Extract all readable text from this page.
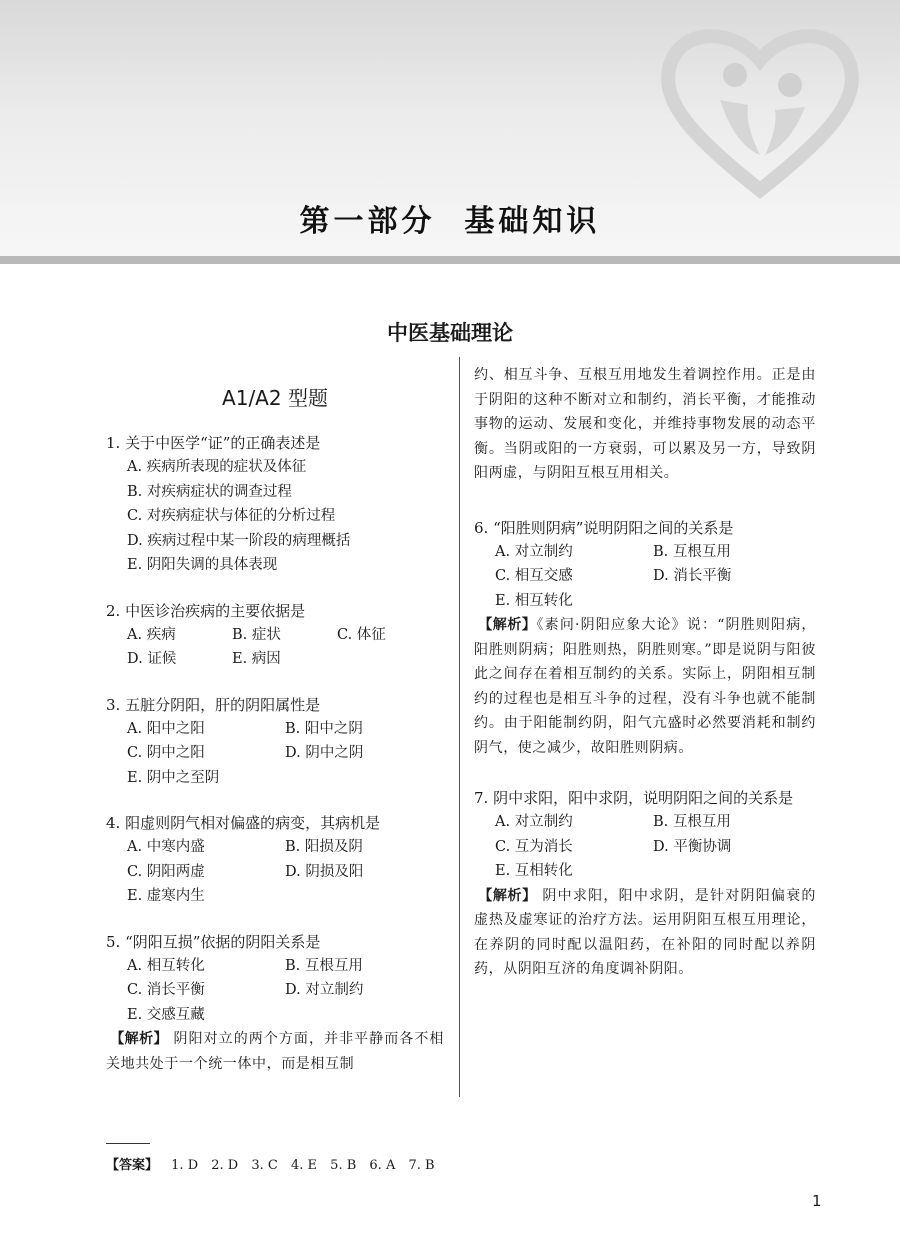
第一部分  基础知识
中医基础理论
A1/A2 型题
1. 关于中医学“证”的正确表述是
A. 疾病所表现的症状及体征
B. 对疾病症状的调查过程
C. 对疾病症状与体征的分析过程
D. 疾病过程中某一阶段的病理概括
E. 阴阳失调的具体表现
2. 中医诊治疾病的主要依据是
A. 疾病	B. 症状	C. 体征
D. 证候	E. 病因
3. 五脏分阴阳，肝的阴阳属性是
A. 阳中之阳	B. 阳中之阴
C. 阴中之阳	D. 阴中之阴
E. 阴中之至阴
4. 阳虚则阴气相对偏盛的病变，其病机是
A. 中寒内盛	B. 阳损及阴
C. 阴阳两虚	D. 阴损及阳
E. 虚寒内生
5. “阴阳互损”依据的阴阳关系是
A. 相互转化	B. 互根互用
C. 消长平衡	D. 对立制约
E. 交感互藏
【解析】 阴阳对立的两个方面，并非平静而各不相关地共处于一个统一体中，而是相互制
约、相互斗争、互根互用地发生着调控作用。正是由于阴阳的这种不断对立和制约，消长平衡，才能推动事物的运动、发展和变化，并维持事物发展的动态平衡。当阴或阳的一方衰弱，可以累及另一方，导致阴阳两虚，与阴阳互根互用相关。
6. “阳胜则阴病”说明阴阳之间的关系是
A. 对立制约	B. 互根互用
C. 相互交感	D. 消长平衡
E. 相互转化
【解析】《素问·阴阳应象大论》说：“阴胜则阳病，阳胜则阴病；阳胜则热，阴胜则寒。”即是说阴与阳彼此之间存在着相互制约的关系。实际上，阴阳相互制约的过程也是相互斗争的过程，没有斗争也就不能制约。由于阳能制约阴，阳气亢盛时必然要消耗和制约阴气，使之减少，故阳胜则阴病。
7. 阴中求阳，阳中求阴，说明阴阳之间的关系是
A. 对立制约	B. 互根互用
C. 互为消长	D. 平衡协调
E. 互相转化
【解析】 阴中求阳，阳中求阴，是针对阴阳偏衰的虚热及虚寒证的治疗方法。运用阴阳互根互用理论，在养阴的同时配以温阳药，在补阳的同时配以养阴药，从阴阳互济的角度调补阴阳。
【答案】 1. D 2. D 3. C 4. E 5. B 6. A 7. B
1
